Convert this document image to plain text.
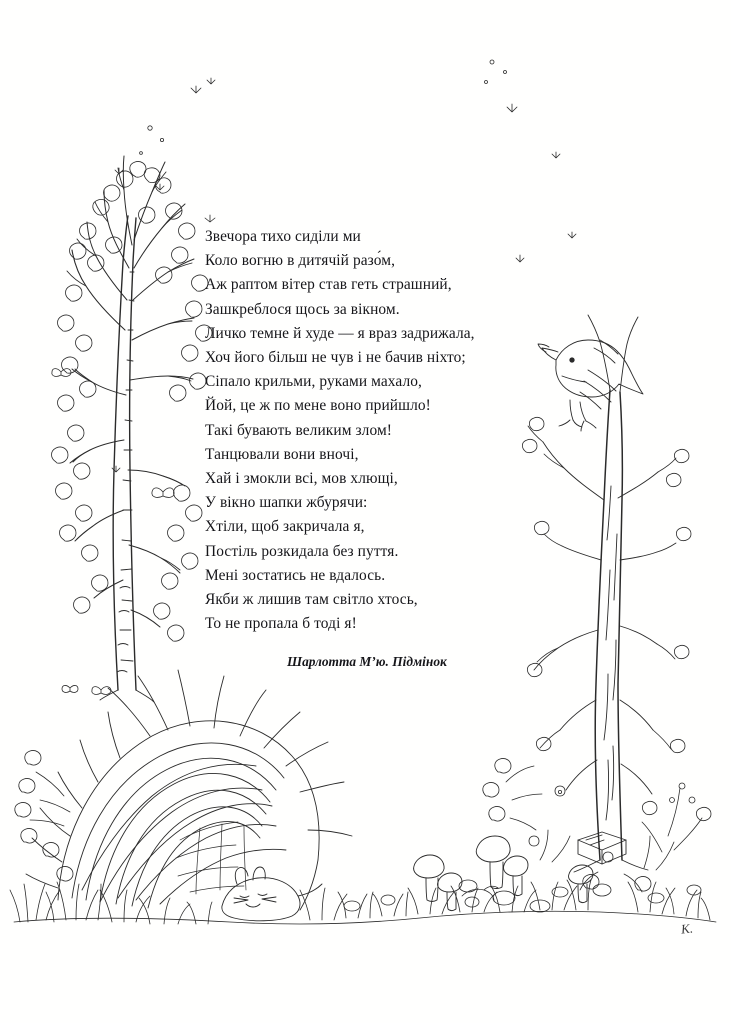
Звечора тихо сиділи ми
Коло вогню в дитячій разо́м,
Аж раптом вітер став геть страшний,
Зашкреблося щось за вікном.
Личко темне й худе — я враз задрижала,
Хоч його більш не чув і не бачив ніхто;
Сіпало крильми, руками махало,
Йой, це ж по мене воно прийшло!
Такі бувають великим злом!
Танцювали вони вночі,
Хай і змокли всі, мов хлющі,
У вікно шапки жбурячи:
Хтіли, щоб закричала я,
Постіль розкидала без пуття.
Мені зостатись не вдалось.
Якби ж лишив там світло хтось,
То не пропала б тоді я!
Шарлотта М’ю. Підмінок
K.
